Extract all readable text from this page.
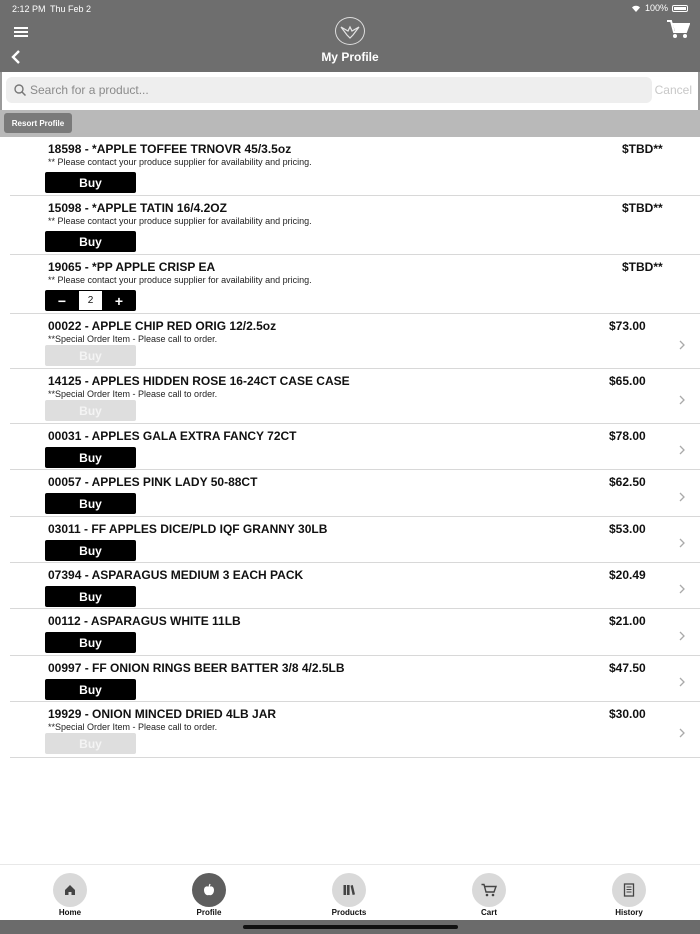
2:12 PM Thu Feb 2	100%
My Profile
Search for a product...
Cancel
Resort Profile
18598 - *APPLE TOFFEE TRNOVR 45/3.5oz	$TBD**
** Please contact your produce supplier for availability and pricing.
Buy
15098 - *APPLE TATIN 16/4.2OZ	$TBD**
** Please contact your produce supplier for availability and pricing.
Buy
19065 - *PP APPLE CRISP EA	$TBD**
** Please contact your produce supplier for availability and pricing.
−	2	+
00022 - APPLE CHIP RED ORIG 12/2.5oz	$73.00
**Special Order Item - Please call to order.
Buy
14125 - APPLES HIDDEN ROSE 16-24CT CASE CASE	$65.00
**Special Order Item - Please call to order.
Buy
00031 - APPLES GALA EXTRA FANCY 72CT	$78.00
Buy
00057 - APPLES PINK LADY 50-88CT	$62.50
Buy
03011 - FF APPLES DICE/PLD IQF GRANNY 30LB	$53.00
Buy
07394 - ASPARAGUS MEDIUM 3 EACH PACK	$20.49
Buy
00112 - ASPARAGUS WHITE 11LB	$21.00
Buy
00997 - FF ONION RINGS BEER BATTER 3/8 4/2.5LB	$47.50
Buy
19929 - ONION MINCED DRIED 4LB JAR	$30.00
**Special Order Item - Please call to order.
Buy
Home	Profile	Products	Cart	History
